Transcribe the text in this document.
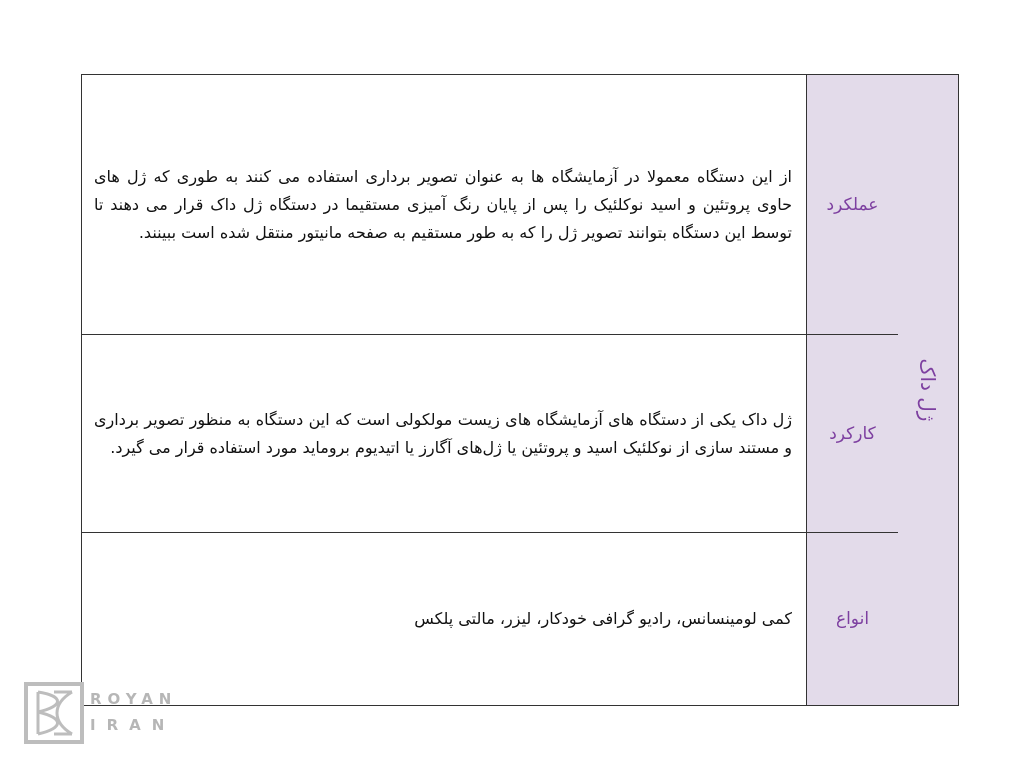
ژل داک
عملکرد

از این دستگاه معمولا در آزمایشگاه ها به عنوان تصویر برداری استفاده می کنند به طوری که ژل های حاوی پروتئین و اسید نوکلئیک را پس از پایان رنگ آمیزی مستقیما در دستگاه ژل داک قرار می دهند تا توسط این دستگاه بتوانند تصویر ژل را که به طور مستقیم به صفحه مانیتور منتقل شده است ببینند.

کارکرد

ژل داک یکی از دستگاه های آزمایشگاه های زیست مولکولی است که این دستگاه به منظور تصویر برداری و مستند سازی از نوکلئیک اسید و پروتئین یا ژل‌های آگارز یا اتیدیوم برومايد مورد استفاده قرار می گیرد.

انواع

کمی لومینسانس، رادیو گرافی خودکار، لیزر، مالتی پلکس

ROYAN
IRAN
